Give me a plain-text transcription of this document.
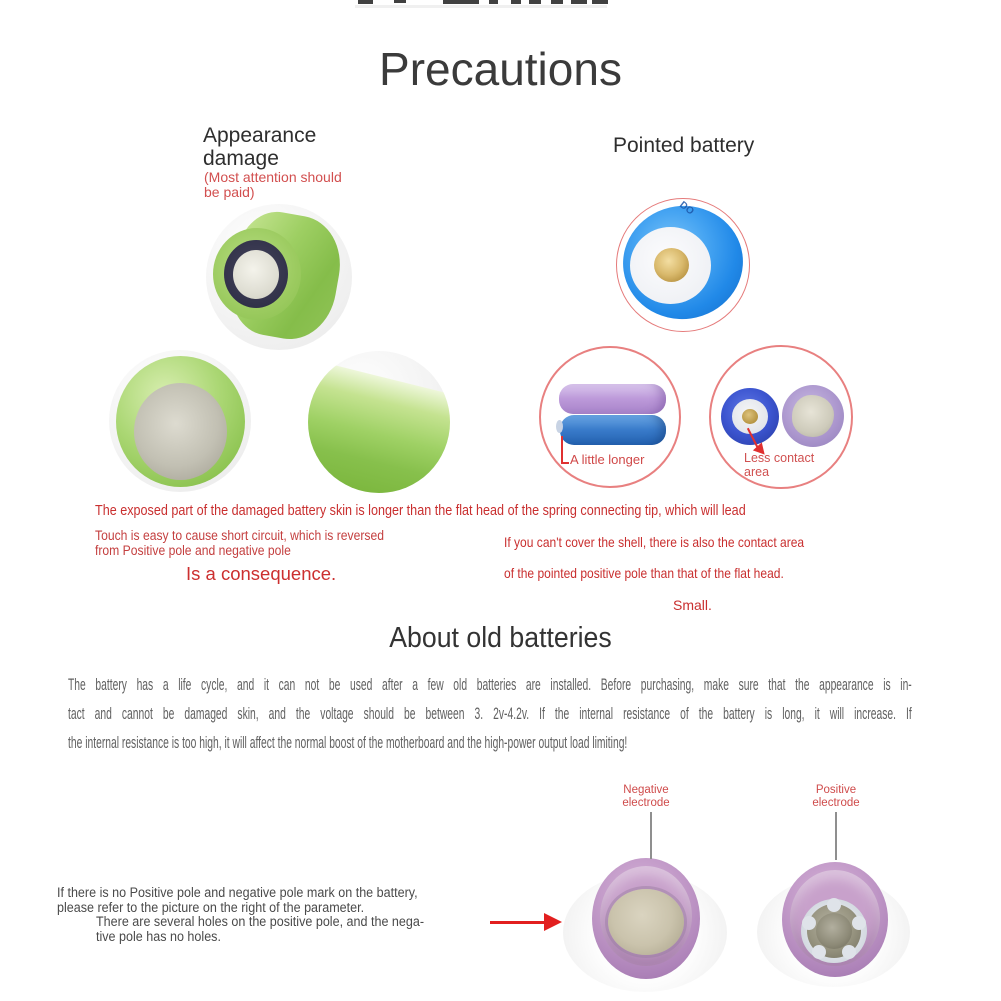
Precautions
Appearance damage
(Most attention should
be paid)
Pointed battery
DO
A little longer	Less contact
area
The exposed part of the damaged battery skin is longer than the flat head of the spring connecting tip, which will lead
Touch is easy to cause short circuit, which is reversed
from Positive pole and negative pole
Is a consequence.
If you can't cover the shell, there is also the contact area
of the pointed positive pole than that of the flat head.
Small.
About old batteries
The battery has a life cycle, and it can not be used after a few old batteries are installed. Before purchasing, make sure that the appearance is in-
tact and cannot be damaged skin, and the voltage should be between 3. 2v-4.2v. If the internal resistance of the battery is long, it will increase. If
the internal resistance is too high, it will affect the normal boost of the motherboard and the high-power output load limiting!
If there is no Positive pole and negative pole mark on the battery,
please refer to the picture on the right of the parameter.
There are several holes on the positive pole, and the nega-
tive pole has no holes.
Negative
electrode
Positive
electrode
